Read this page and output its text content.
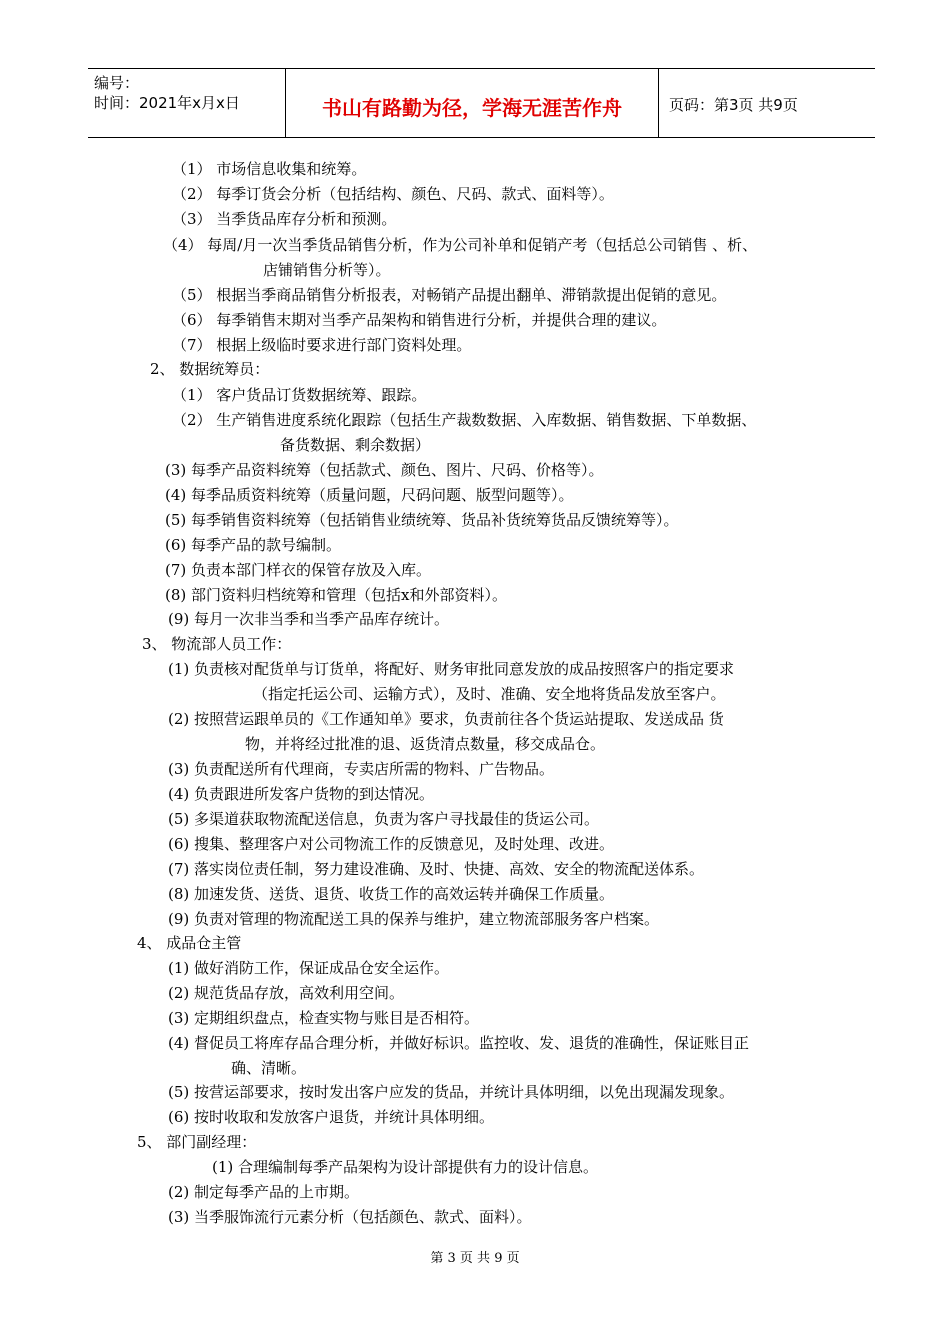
编号：
时间：2021年x月x日	书山有路勤为径，学海无涯苦作舟	页码：第3页 共9页
（1） 市场信息收集和统筹。
（2） 每季订货会分析（包括结构、颜色、尺码、款式、面料等）。
（3） 当季货品库存分析和预测。
（4） 每周/月一次当季货品销售分析，作为公司补单和促销产考（包括总公司销售 、析、
店铺销售分析等）。
（5） 根据当季商品销售分析报表，对畅销产品提出翻单、滞销款提出促销的意见。
（6） 每季销售末期对当季产品架构和销售进行分析，并提供合理的建议。
（7） 根据上级临时要求进行部门资料处理。
2、 数据统筹员：
（1） 客户货品订货数据统筹、跟踪。
（2） 生产销售进度系统化跟踪（包括生产裁数数据、入库数据、销售数据、下单数据、
备货数据、剩余数据）
(3) 每季产品资料统筹（包括款式、颜色、图片、尺码、价格等）。
(4) 每季品质资料统筹（质量问题，尺码问题、版型问题等）。
(5) 每季销售资料统筹（包括销售业绩统筹、货品补货统筹货品反馈统筹等）。
(6) 每季产品的款号编制。
(7) 负责本部门样衣的保管存放及入库。
(8) 部门资料归档统筹和管理（包括x和外部资料）。
(9) 每月一次非当季和当季产品库存统计。
3、 物流部人员工作：
(1) 负责核对配货单与订货单，将配好、财务审批同意发放的成品按照客户的指定要求
（指定托运公司、运输方式），及时、准确、安全地将货品发放至客户。
(2) 按照营运跟单员的《工作通知单》要求，负责前往各个货运站提取、发送成品 货
物，并将经过批准的退、返货清点数量，移交成品仓。
(3) 负责配送所有代理商，专卖店所需的物料、广告物品。
(4) 负责跟进所发客户货物的到达情况。
(5) 多渠道获取物流配送信息，负责为客户寻找最佳的货运公司。
(6) 搜集、整理客户对公司物流工作的反馈意见，及时处理、改进。
(7) 落实岗位责任制，努力建设准确、及时、快捷、高效、安全的物流配送体系。
(8) 加速发货、送货、退货、收货工作的高效运转并确保工作质量。
(9) 负责对管理的物流配送工具的保养与维护，建立物流部服务客户档案。
4、 成品仓主管
(1) 做好消防工作，保证成品仓安全运作。
(2) 规范货品存放，高效利用空间。
(3) 定期组织盘点，检查实物与账目是否相符。
(4) 督促员工将库存品合理分析，并做好标识。监控收、发、退货的准确性，保证账目正
确、清晰。
(5) 按营运部要求，按时发出客户应发的货品，并统计具体明细，以免出现漏发现象。
(6) 按时收取和发放客户退货，并统计具体明细。
5、 部门副经理：
(1) 合理编制每季产品架构为设计部提供有力的设计信息。
(2) 制定每季产品的上市期。
(3) 当季服饰流行元素分析（包括颜色、款式、面料）。
第 3 页 共 9 页
